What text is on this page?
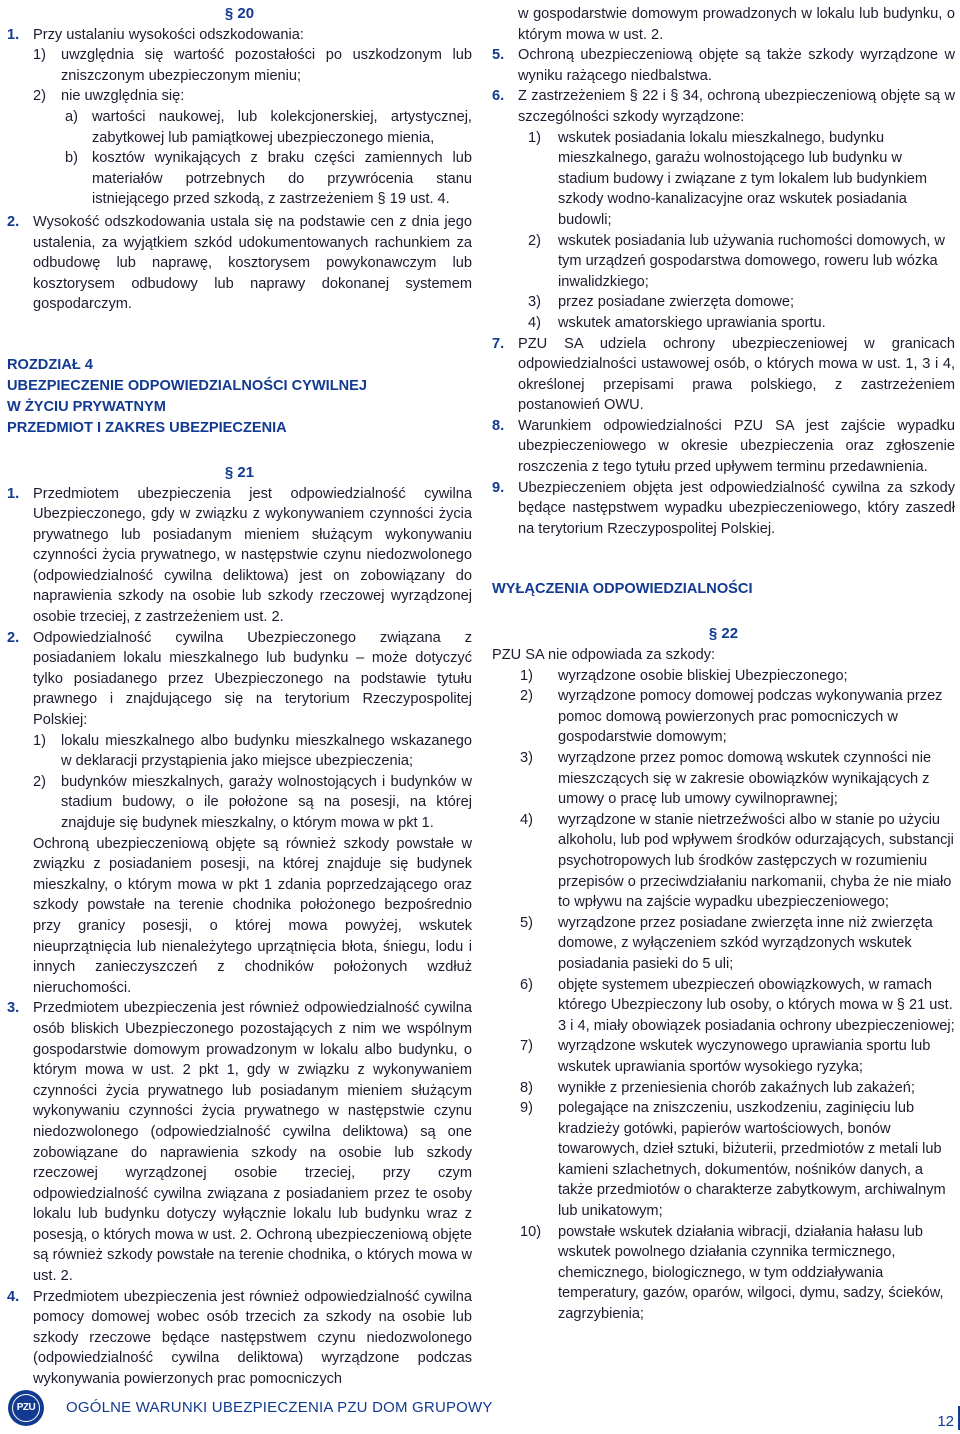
§ 20
1. Przy ustalaniu wysokości odszkodowania:
1) uwzględnia się wartość pozostałości po uszkodzonym lub zniszczonym ubezpieczonym mieniu;
2) nie uwzględnia się:
a) wartości naukowej, lub kolekcjonerskiej, artystycznej, zabytkowej lub pamiątkowej ubezpieczonego mienia,
b) kosztów wynikających z braku części zamiennych lub materiałów potrzebnych do przywrócenia stanu istniejącego przed szkodą, z zastrzeżeniem § 19 ust. 4.
2. Wysokość odszkodowania ustala się na podstawie cen z dnia jego ustalenia, za wyjątkiem szkód udokumentowanych rachunkiem za odbudowę lub naprawę, kosztorysem powykonawczym lub kosztorysem odbudowy lub naprawy dokonanej systemem gospodarczym.
ROZDZIAŁ 4
UBEZPIECZENIE ODPOWIEDZIALNOŚCI CYWILNEJ
W ŻYCIU PRYWATNYM
PRZEDMIOT I ZAKRES UBEZPIECZENIA
§ 21
1. Przedmiotem ubezpieczenia jest odpowiedzialność cywilna Ubezpieczonego, gdy w związku z wykonywaniem czynności życia prywatnego lub posiadanym mieniem służącym wykonywaniu czynności życia prywatnego, w następstwie czynu niedozwolonego (odpowiedzialność cywilna deliktowa) jest on zobowiązany do naprawienia szkody na osobie lub szkody rzeczowej wyrządzonej osobie trzeciej, z zastrzeżeniem ust. 2.
2. Odpowiedzialność cywilna Ubezpieczonego związana z posiadaniem lokalu mieszkalnego lub budynku – może dotyczyć tylko posiadanego przez Ubezpieczonego na podstawie tytułu prawnego i znajdującego się na terytorium Rzeczypospolitej Polskiej:
1) lokalu mieszkalnego albo budynku mieszkalnego wskazanego w deklaracji przystąpienia jako miejsce ubezpieczenia;
2) budynków mieszkalnych, garaży wolnostojących i budynków w stadium budowy, o ile położone są na posesji, na której znajduje się budynek mieszkalny, o którym mowa w pkt 1.
Ochroną ubezpieczeniową objęte są również szkody powstałe w związku z posiadaniem posesji, na której znajduje się budynek mieszkalny, o którym mowa w pkt 1 zdania poprzedzającego oraz szkody powstałe na terenie chodnika położonego bezpośrednio przy granicy posesji, o której mowa powyżej, wskutek nieuprzątnięcia lub nienależytego uprzątnięcia błota, śniegu, lodu i innych zanieczyszczeń z chodników położonych wzdłuż nieruchomości.
3. Przedmiotem ubezpieczenia jest również odpowiedzialność cywilna osób bliskich Ubezpieczonego pozostających z nim we wspólnym gospodarstwie domowym prowadzonym w lokalu albo budynku, o którym mowa w ust. 2 pkt 1, gdy w związku z wykonywaniem czynności życia prywatnego lub posiadanym mieniem służącym wykonywaniu czynności życia prywatnego w następstwie czynu niedozwolonego (odpowiedzialność cywilna deliktowa) są one zobowiązane do naprawienia szkody na osobie lub szkody rzeczowej wyrządzonej osobie trzeciej, przy czym odpowiedzialność cywilna związana z posiadaniem przez te osoby lokalu lub budynku dotyczy wyłącznie lokalu lub budynku wraz z posesją, o których mowa w ust. 2. Ochroną ubezpieczeniową objęte są również szkody powstałe na terenie chodnika, o których mowa w ust. 2.
4. Przedmiotem ubezpieczenia jest również odpowiedzialność cywilna pomocy domowej wobec osób trzecich za szkody na osobie lub szkody rzeczowe będące następstwem czynu niedozwolonego (odpowiedzialność cywilna deliktowa) wyrządzone podczas wykonywania powierzonych prac pomocniczych
w gospodarstwie domowym prowadzonych w lokalu lub budynku, o którym mowa w ust. 2.
5. Ochroną ubezpieczeniową objęte są także szkody wyrządzone w wyniku rażącego niedbalstwa.
6. Z zastrzeżeniem § 22 i § 34, ochroną ubezpieczeniową objęte są w szczególności szkody wyrządzone:
1) wskutek posiadania lokalu mieszkalnego, budynku mieszkalnego, garażu wolnostojącego lub budynku w stadium budowy i związane z tym lokalem lub budynkiem szkody wodno-kanalizacyjne oraz wskutek posiadania budowli;
2) wskutek posiadania lub używania ruchomości domowych, w tym urządzeń gospodarstwa domowego, roweru lub wózka inwalidzkiego;
3) przez posiadane zwierzęta domowe;
4) wskutek amatorskiego uprawiania sportu.
7. PZU SA udziela ochrony ubezpieczeniowej w granicach odpowiedzialności ustawowej osób, o których mowa w ust. 1, 3 i 4, określonej przepisami prawa polskiego, z zastrzeżeniem postanowień OWU.
8. Warunkiem odpowiedzialności PZU SA jest zajście wypadku ubezpieczeniowego w okresie ubezpieczenia oraz zgłoszenie roszczenia z tego tytułu przed upływem terminu przedawnienia.
9. Ubezpieczeniem objęta jest odpowiedzialność cywilna za szkody będące następstwem wypadku ubezpieczeniowego, który zaszedł na terytorium Rzeczypospolitej Polskiej.
WYŁĄCZENIA ODPOWIEDZIALNOŚCI
§ 22
PZU SA nie odpowiada za szkody:
1) wyrządzone osobie bliskiej Ubezpieczonego;
2) wyrządzone pomocy domowej podczas wykonywania przez pomoc domową powierzonych prac pomocniczych w gospodarstwie domowym;
3) wyrządzone przez pomoc domową wskutek czynności nie mieszczących się w zakresie obowiązków wynikających z umowy o pracę lub umowy cywilnoprawnej;
4) wyrządzone w stanie nietrzeźwości albo w stanie po użyciu alkoholu, lub pod wpływem środków odurzających, substancji psychotropowych lub środków zastępczych w rozumieniu przepisów o przeciwdziałaniu narkomanii, chyba że nie miało to wpływu na zajście wypadku ubezpieczeniowego;
5) wyrządzone przez posiadane zwierzęta inne niż zwierzęta domowe, z wyłączeniem szkód wyrządzonych wskutek posiadania pasieki do 5 uli;
6) objęte systemem ubezpieczeń obowiązkowych, w ramach którego Ubezpieczony lub osoby, o których mowa w § 21 ust. 3 i 4, miały obowiązek posiadania ochrony ubezpieczeniowej;
7) wyrządzone wskutek wyczynowego uprawiania sportu lub wskutek uprawiania sportów wysokiego ryzyka;
8) wynikłe z przeniesienia chorób zakaźnych lub zakażeń;
9) polegające na zniszczeniu, uszkodzeniu, zaginięciu lub kradzieży gotówki, papierów wartościowych, bonów towarowych, dzieł sztuki, biżuterii, przedmiotów z metali lub kamieni szlachetnych, dokumentów, nośników danych, a także przedmiotów o charakterze zabytkowym, archiwalnym lub unikatowym;
10) powstałe wskutek działania wibracji, działania hałasu lub wskutek powolnego działania czynnika termicznego, chemicznego, biologicznego, w tym oddziaływania temperatury, gazów, oparów, wilgoci, dymu, sadzy, ścieków, zagrzybienia;
PZU	OGÓLNE WARUNKI UBEZPIECZENIA PZU DOM GRUPOWY
12
